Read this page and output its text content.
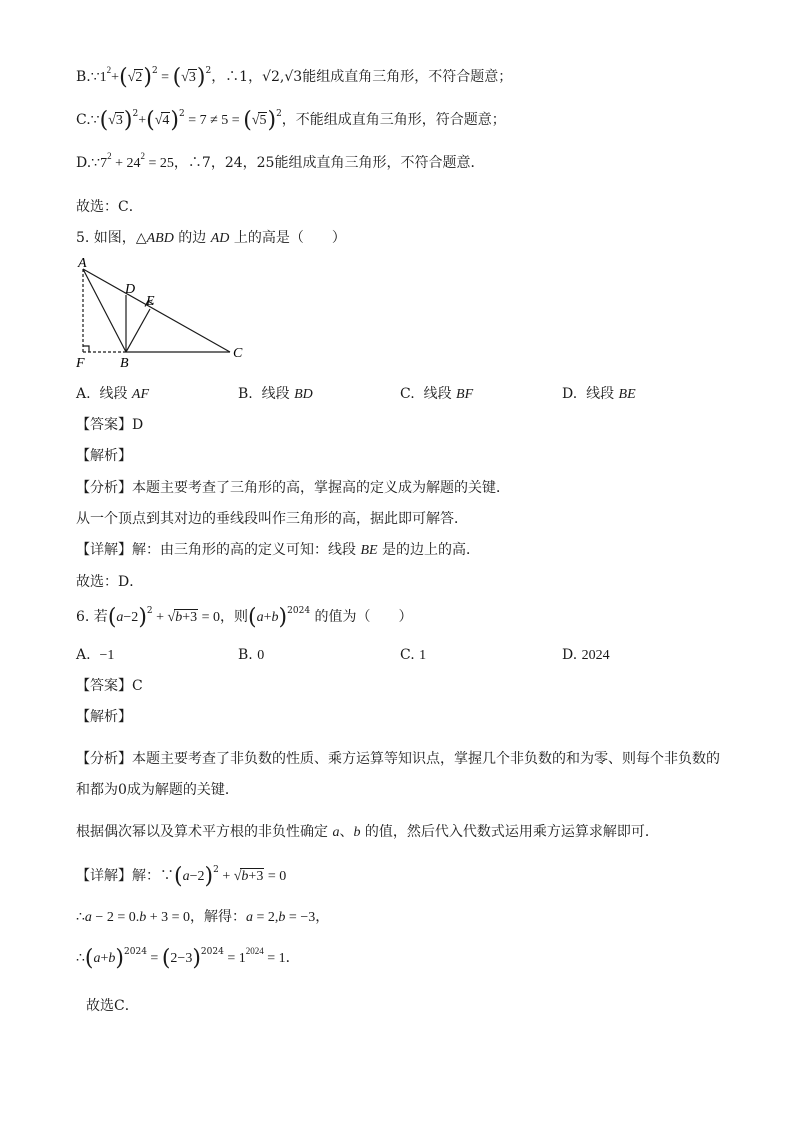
$B.\because 1^2+(√2)^2 = (√3)^2$，∴1，√2,√3能组成直角三角形，不符合题意；
$C.\because(√3)^2+(√4)^2 = 7 \ne 5 = (√5)^2$，不能组成直角三角形，符合题意；
$D.\because 7^2 + 24^2 = 25$，∴7，24，25能组成直角三角形，不符合题意．
故选：C．
5. 如图，△ABD 的边 AD 上的高是（　　）
A
D
E
F	B
C
A.  线段 AF	B.  线段 BD	C.  线段 BF	D.  线段 BE
【答案】D
【解析】
【分析】本题主要考查了三角形的高，掌握高的定义成为解题的关键．
从一个顶点到其对边的垂线段叫作三角形的高，据此即可解答．
【详解】解：由三角形的高的定义可知：线段 BE 是的边上的高．
故选：D．
6. 若$(a-2)^2 + √b+3 = 0$，则$(a+b)^{2024}$ 的值为（　　）
A.  −1	B. 0	C. 1	D. 2024
【答案】C
【解析】
【分析】本题主要考查了非负数的性质、乘方运算等知识点，掌握几个非负数的和为零、则每个非负数的
和都为0成为解题的关键．
根据偶次幂以及算术平方根的非负性确定 a、b 的值，然后代入代数式运用乘方运算求解即可．
【详解】解：$\because(a-2)^2 + √b+3 = 0$
∴a − 2 = 0.b + 3 = 0，解得：a = 2,b = −3，
$\therefore(a+b)^{2024} = (2-3)^{2024} = 1^{2024} = 1$．
故选C．
